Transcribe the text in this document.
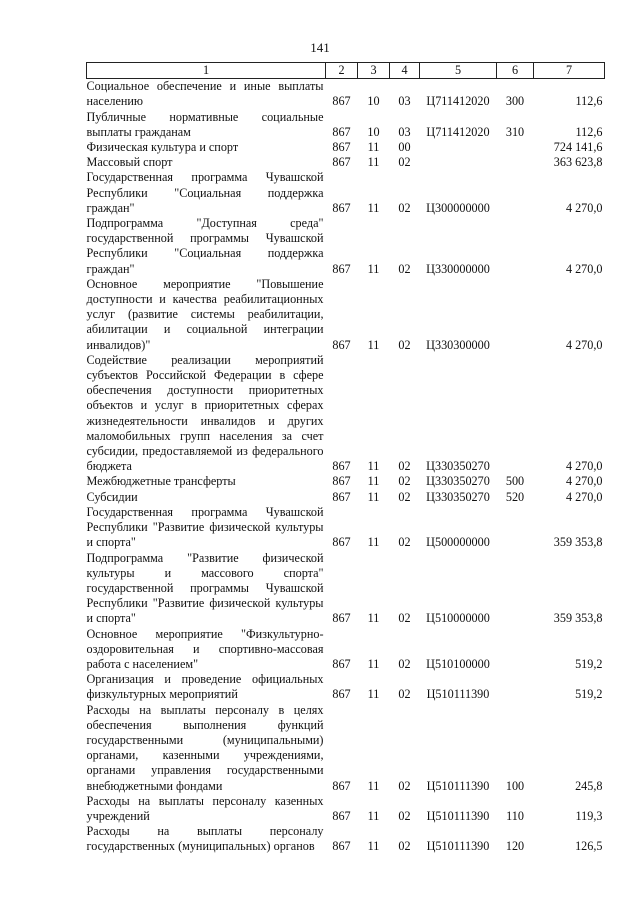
141
1	2	3	4	5	6	7
Социальное обеспечение и иные выплаты населению	867	10	03	Ц711412020	300	112,6
Публичные нормативные социальные выплаты гражданам	867	10	03	Ц711412020	310	112,6
Физическая культура и спорт	867	11	00			724 141,6
Массовый спорт	867	11	02			363 623,8
Государственная программа Чувашской Республики "Социальная поддержка граждан"	867	11	02	Ц300000000		4 270,0
Подпрограмма "Доступная среда" государственной программы Чувашской Республики "Социальная поддержка граждан"	867	11	02	Ц330000000		4 270,0
Основное мероприятие "Повышение доступности и качества реабилитационных услуг (развитие системы реабилитации, абилитации и социальной интеграции инвалидов)"	867	11	02	Ц330300000		4 270,0
Содействие реализации мероприятий субъектов Российской Федерации в сфере обеспечения доступности приоритетных объектов и услуг в приоритетных сферах жизнедеятельности инвалидов и других маломобильных групп населения за счет субсидии, предоставляемой из федерального бюджета	867	11	02	Ц330350270		4 270,0
Межбюджетные трансферты	867	11	02	Ц330350270	500	4 270,0
Субсидии	867	11	02	Ц330350270	520	4 270,0
Государственная программа Чувашской Республики "Развитие физической культуры и спорта"	867	11	02	Ц500000000		359 353,8
Подпрограмма "Развитие физической культуры и массового спорта" государственной программы Чувашской Республики "Развитие физической культуры и спорта"	867	11	02	Ц510000000		359 353,8
Основное мероприятие "Физкультурно-оздоровительная и спортивно-массовая работа с населением"	867	11	02	Ц510100000		519,2
Организация и проведение официальных физкультурных мероприятий	867	11	02	Ц510111390		519,2
Расходы на выплаты персоналу в целях обеспечения выполнения функций государственными (муниципальными) органами, казенными учреждениями, органами управления государственными внебюджетными фондами	867	11	02	Ц510111390	100	245,8
Расходы на выплаты персоналу казенных учреждений	867	11	02	Ц510111390	110	119,3
Расходы на выплаты персоналу государственных (муниципальных) органов	867	11	02	Ц510111390	120	126,5
